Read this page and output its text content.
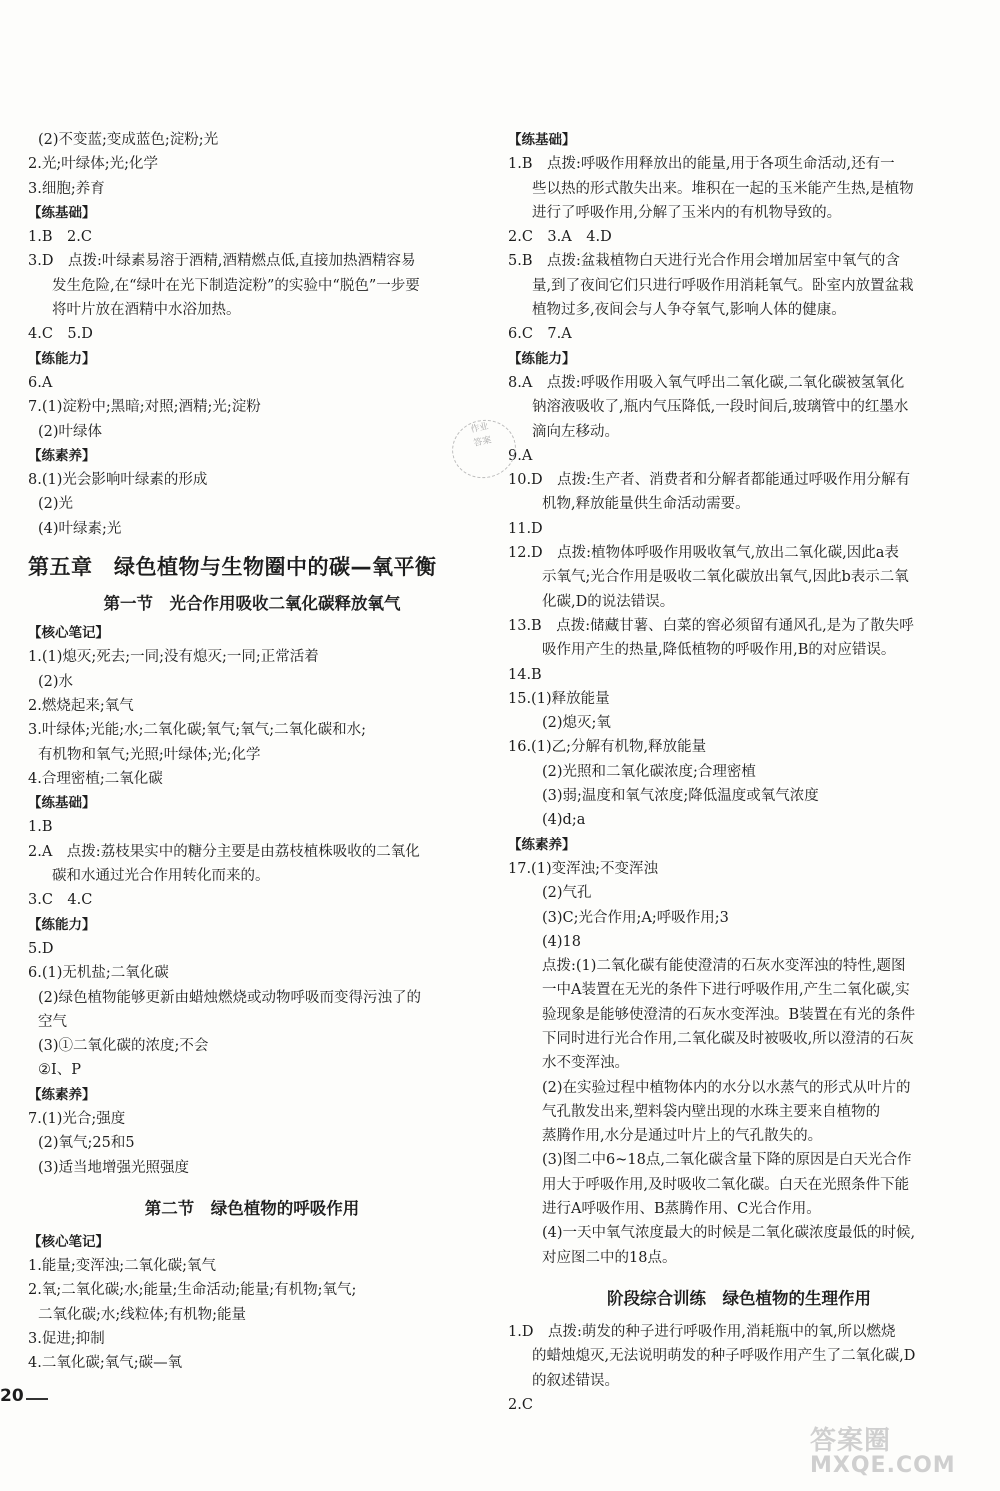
(2)不变蓝;变成蓝色;淀粉;光
2.光;叶绿体;光;化学
3.细胞;养育
【练基础】
1.B　2.C
3.D　点拨:叶绿素易溶于酒精,酒精燃点低,直接加热酒精容易
发生危险,在“绿叶在光下制造淀粉”的实验中“脱色”一步要
将叶片放在酒精中水浴加热。
4.C　5.D
【练能力】
6.A
7.(1)淀粉中;黑暗;对照;酒精;光;淀粉
(2)叶绿体
【练素养】
8.(1)光会影响叶绿素的形成
(2)光
(4)叶绿素;光
第五章　绿色植物与生物圈中的碳—氧平衡
第一节　光合作用吸收二氧化碳释放氧气
【核心笔记】
1.(1)熄灭;死去;一同;没有熄灭;一同;正常活着
(2)水
2.燃烧起来;氧气
3.叶绿体;光能;水;二氧化碳;氧气;氧气;二氧化碳和水;
有机物和氧气;光照;叶绿体;光;化学
4.合理密植;二氧化碳
【练基础】
1.B
2.A　点拨:荔枝果实中的糖分主要是由荔枝植株吸收的二氧化
碳和水通过光合作用转化而来的。
3.C　4.C
【练能力】
5.D
6.(1)无机盐;二氧化碳
(2)绿色植物能够更新由蜡烛燃烧或动物呼吸而变得污浊了的
空气
(3)①二氧化碳的浓度;不会
②Ⅰ、P
【练素养】
7.(1)光合;强度
(2)氧气;25和5
(3)适当地增强光照强度
第二节　绿色植物的呼吸作用
【核心笔记】
1.能量;变浑浊;二氧化碳;氧气
2.氧;二氧化碳;水;能量;生命活动;能量;有机物;氧气;
二氧化碳;水;线粒体;有机物;能量
3.促进;抑制
4.二氧化碳;氧气;碳—氧
【练基础】
1.B　点拨:呼吸作用释放出的能量,用于各项生命活动,还有一
些以热的形式散失出来。堆积在一起的玉米能产生热,是植物
进行了呼吸作用,分解了玉米内的有机物导致的。
2.C　3.A　4.D
5.B　点拨:盆栽植物白天进行光合作用会增加居室中氧气的含
量,到了夜间它们只进行呼吸作用消耗氧气。卧室内放置盆栽
植物过多,夜间会与人争夺氧气,影响人体的健康。
6.C　7.A
【练能力】
8.A　点拨:呼吸作用吸入氧气呼出二氧化碳,二氧化碳被氢氧化
钠溶液吸收了,瓶内气压降低,一段时间后,玻璃管中的红墨水
滴向左移动。
9.A
10.D　点拨:生产者、消费者和分解者都能通过呼吸作用分解有
机物,释放能量供生命活动需要。
11.D
12.D　点拨:植物体呼吸作用吸收氧气,放出二氧化碳,因此a表
示氧气;光合作用是吸收二氧化碳放出氧气,因此b表示二氧
化碳,D的说法错误。
13.B　点拨:储藏甘薯、白菜的窖必须留有通风孔,是为了散失呼
吸作用产生的热量,降低植物的呼吸作用,B的对应错误。
14.B
15.(1)释放能量
(2)熄灭;氧
16.(1)乙;分解有机物,释放能量
(2)光照和二氧化碳浓度;合理密植
(3)弱;温度和氧气浓度;降低温度或氧气浓度
(4)d;a
【练素养】
17.(1)变浑浊;不变浑浊
(2)气孔
(3)C;光合作用;A;呼吸作用;3
(4)18
点拨:(1)二氧化碳有能使澄清的石灰水变浑浊的特性,题图
一中A装置在无光的条件下进行呼吸作用,产生二氧化碳,实
验现象是能够使澄清的石灰水变浑浊。B装置在有光的条件
下同时进行光合作用,二氧化碳及时被吸收,所以澄清的石灰
水不变浑浊。
(2)在实验过程中植物体内的水分以水蒸气的形式从叶片的
气孔散发出来,塑料袋内壁出现的水珠主要来自植物的
蒸腾作用,水分是通过叶片上的气孔散失的。
(3)图二中6~18点,二氧化碳含量下降的原因是白天光合作
用大于呼吸作用,及时吸收二氧化碳。白天在光照条件下能
进行A呼吸作用、B蒸腾作用、C光合作用。
(4)一天中氧气浓度最大的时候是二氧化碳浓度最低的时候,
对应图二中的18点。
阶段综合训练　绿色植物的生理作用
1.D　点拨:萌发的种子进行呼吸作用,消耗瓶中的氧,所以燃烧
的蜡烛熄灭,无法说明萌发的种子呼吸作用产生了二氧化碳,D
的叙述错误。
2.C
作业
答案
20
答案圈
MXQE.COM
